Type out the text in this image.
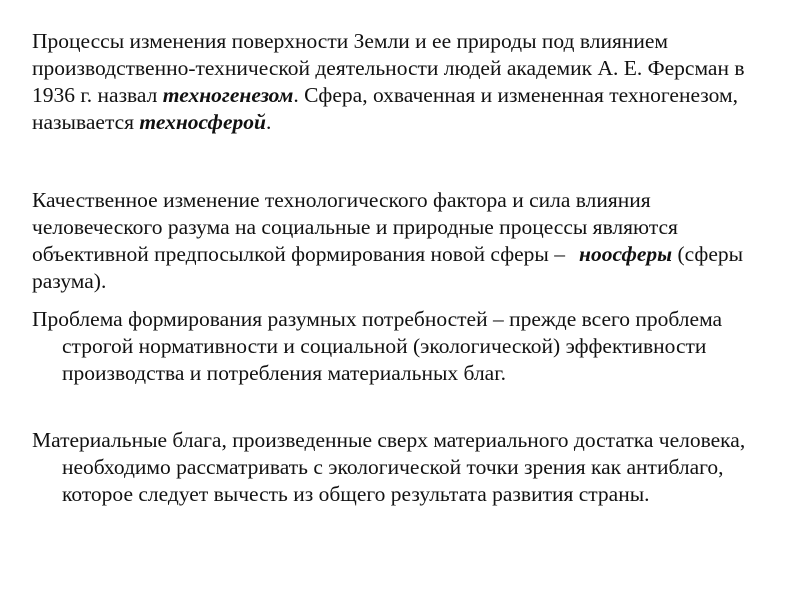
Процессы изменения поверхности Земли и ее природы под влиянием производственно-технической деятельности людей академик А. Е. Ферсман в 1936 г. назвал техногенезом. Сфера, охваченная и измененная техногенезом, называется техносферой.

Качественное изменение технологического фактора и сила влияния человеческого разума на социальные и природные процессы являются объективной предпосылкой формирования новой сферы – ноосферы (сферы разума).

Проблема формирования разумных потребностей – прежде всего проблема строгой нормативности и социальной (экологической) эффективности производства и потребления материальных благ.

Материальные блага, произведенные сверх материального достатка человека, необходимо рассматривать с экологической точки зрения как антиблаго, которое следует вычесть из общего результата развития страны.
